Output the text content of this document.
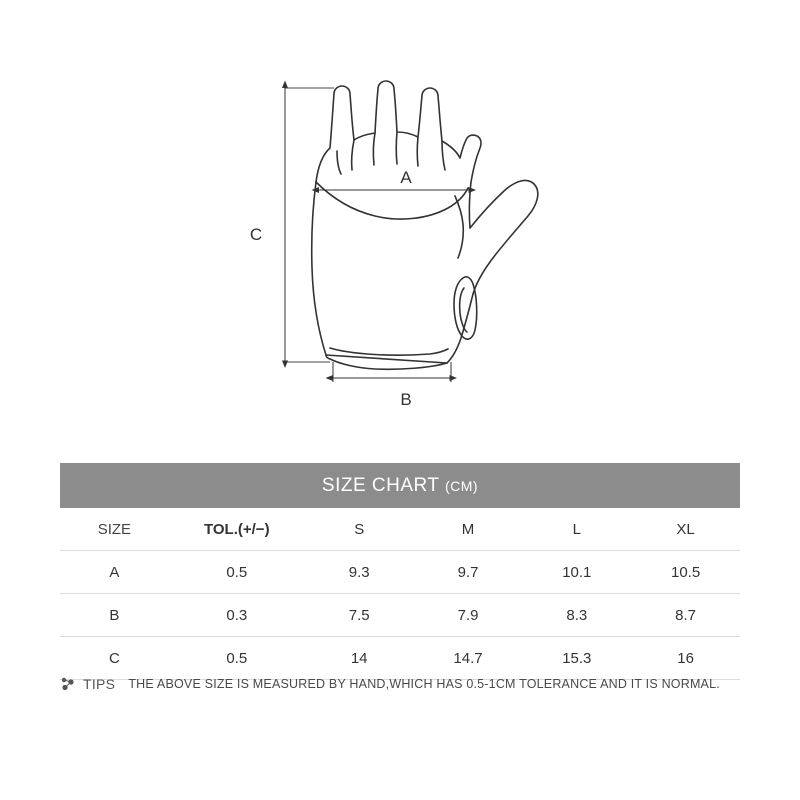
C
A
B
SIZE CHART (CM)
SIZE	TOL.(+/−)	S	M	L	XL
A	0.5	9.3	9.7	10.1	10.5
B	0.3	7.5	7.9	8.3	8.7
C	0.5	14	14.7	15.3	16
TIPS THE ABOVE SIZE IS MEASURED BY HAND,WHICH HAS 0.5-1CM TOLERANCE AND IT IS NORMAL.
